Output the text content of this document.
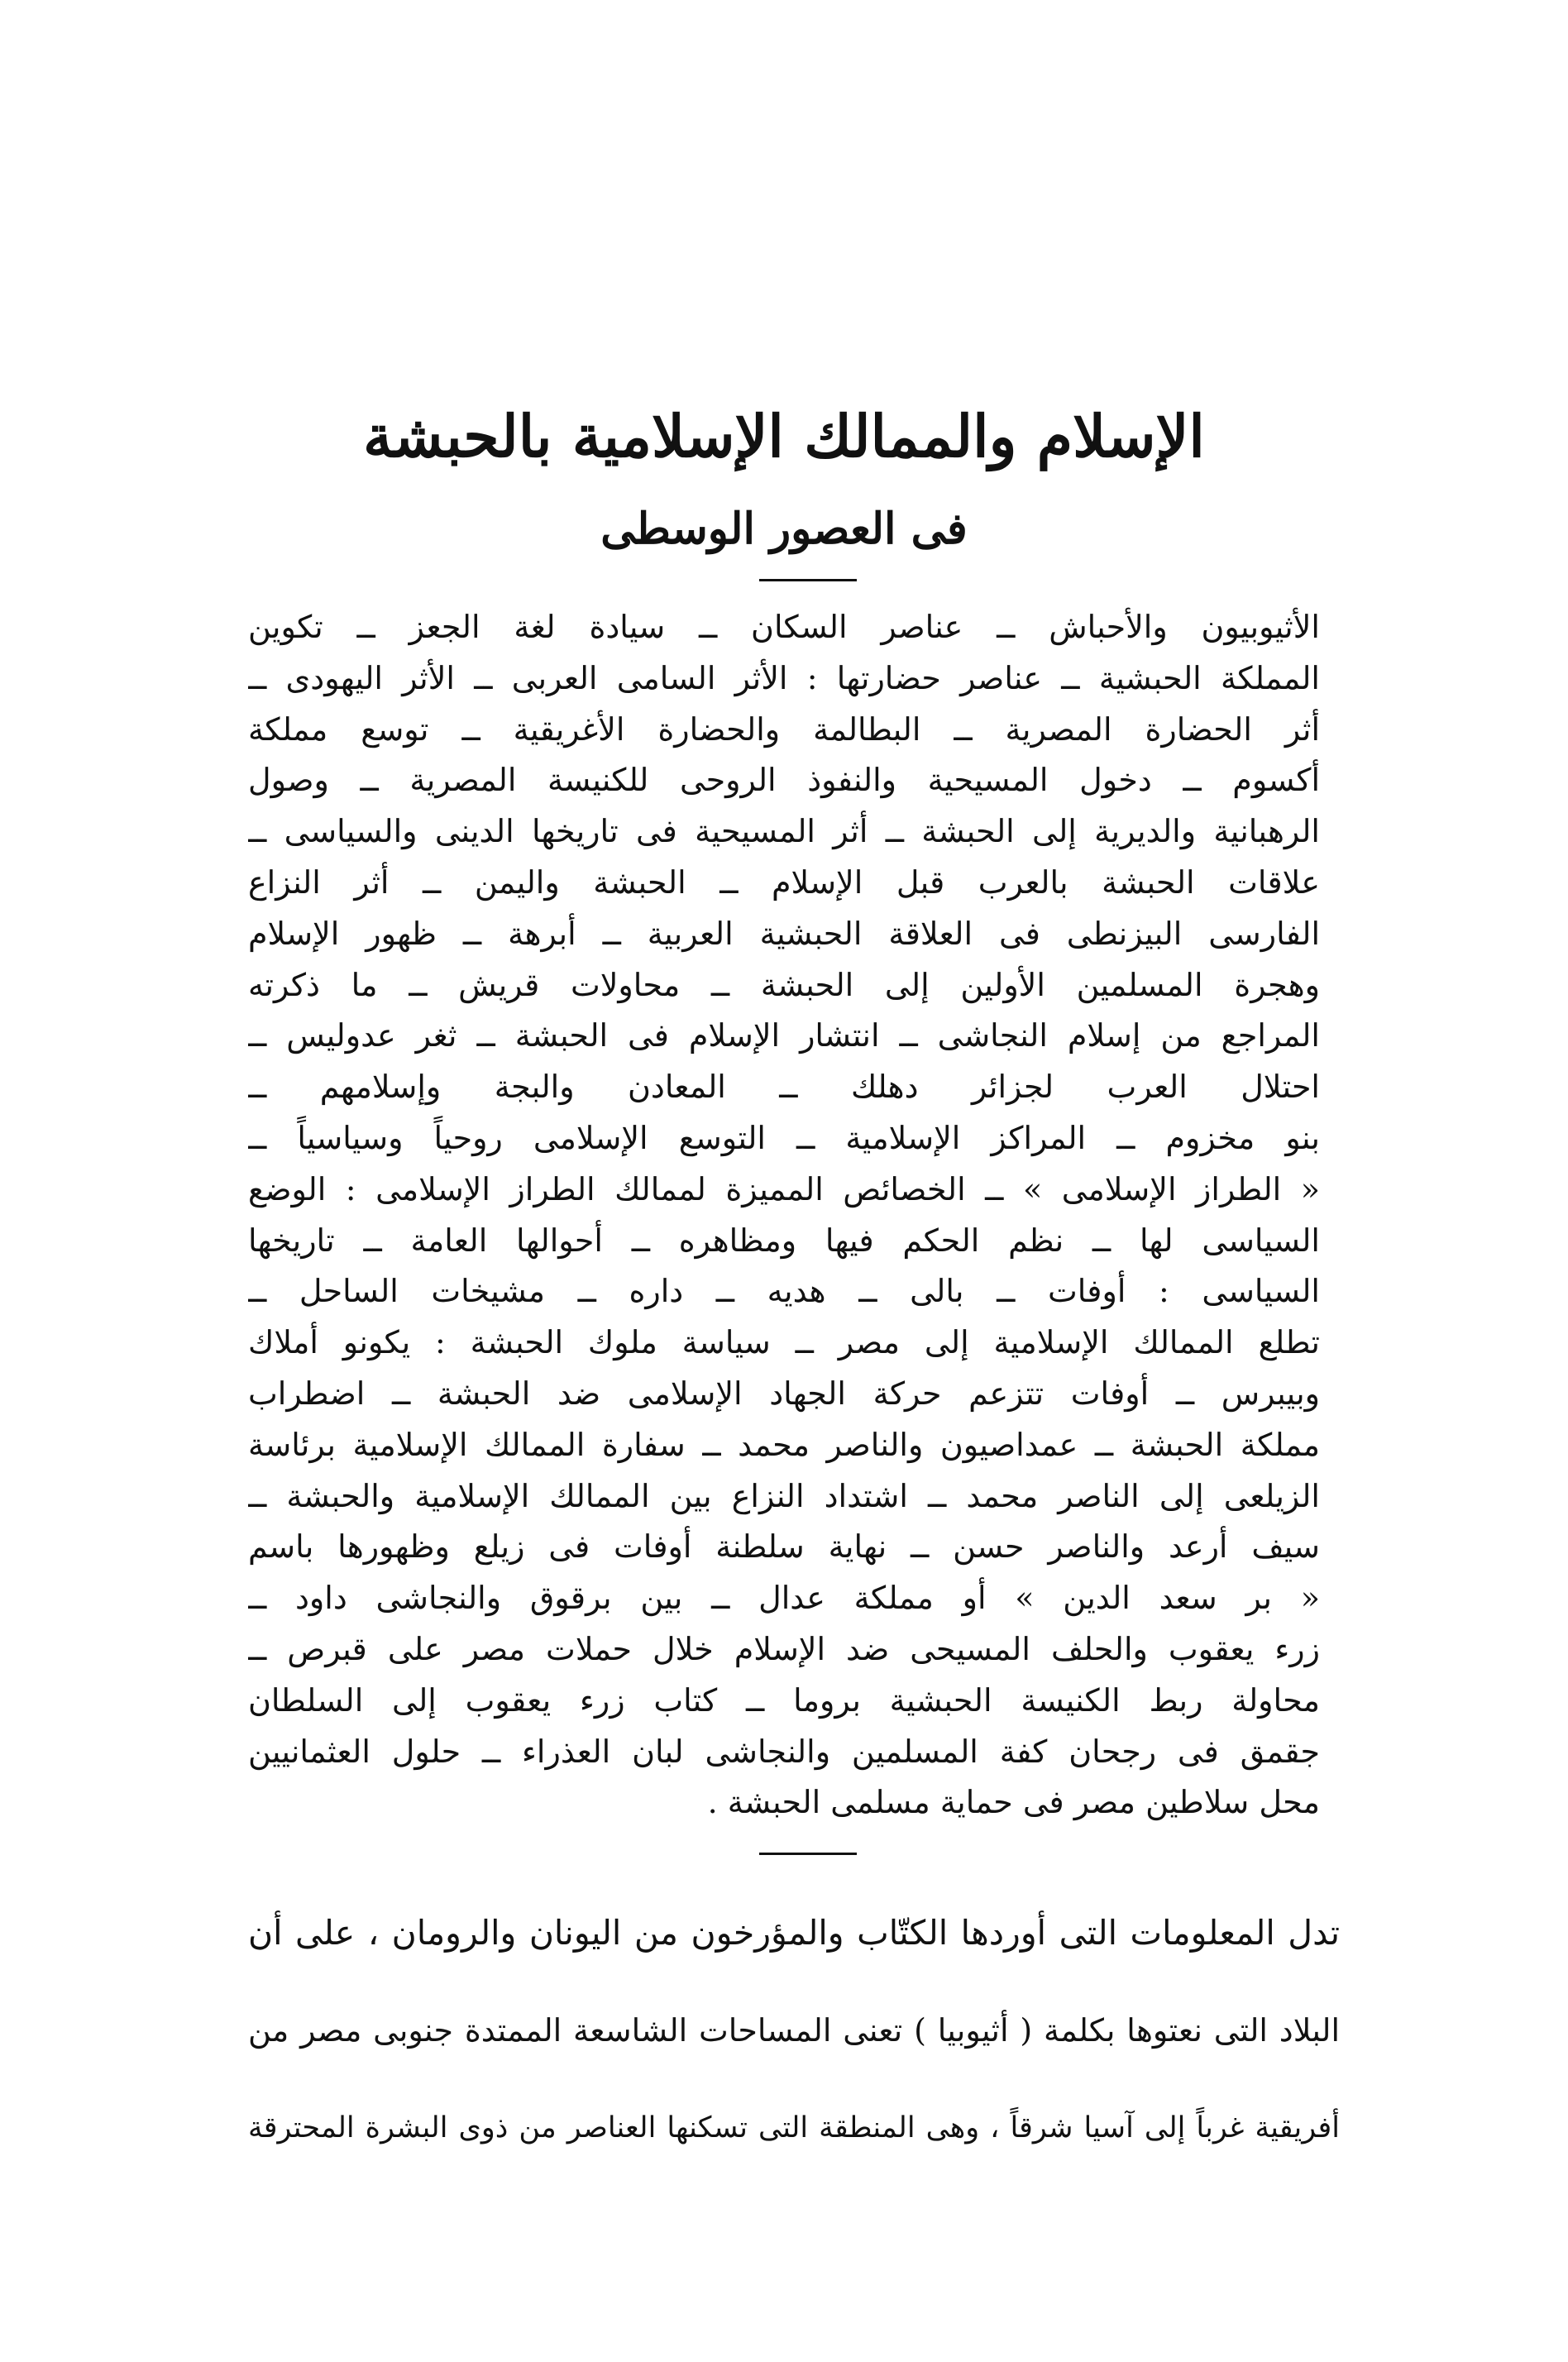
الإسلام والممالك الإسلامية بالحبشة
فى العصور الوسطى
الأثيوبيون والأحباش ــ عناصر السكان ــ سيادة لغة الجعز ــ تكوين
المملكة الحبشية ــ عناصر حضارتها : الأثر السامى العربى ــ الأثر اليهودى ــ
أثر الحضارة المصرية ــ البطالمة والحضارة الأغريقية ــ توسع مملكة
أكسوم ــ دخول المسيحية والنفوذ الروحى للكنيسة المصرية ــ وصول
الرهبانية والديرية إلى الحبشة ــ أثر المسيحية فى تاريخها الدينى والسياسى ــ
علاقات الحبشة بالعرب قبل الإسلام ــ الحبشة واليمن ــ أثر النزاع
الفارسى البيزنطى فى العلاقة الحبشية العربية ــ أبرهة ــ ظهور الإسلام
وهجرة المسلمين الأولين إلى الحبشة ــ محاولات قريش ــ ما ذكرته
المراجع من إسلام النجاشى ــ انتشار الإسلام فى الحبشة ــ ثغر عدوليس ــ
احتلال العرب لجزائر دهلك ــ المعادن والبجة وإسلامهم ــ
بنو مخزوم ــ المراكز الإسلامية ــ التوسع الإسلامى روحياً وسياسياً ــ
« الطراز الإسلامى » ــ الخصائص المميزة لممالك الطراز الإسلامى : الوضع
السياسى لها ــ نظم الحكم فيها ومظاهره ــ أحوالها العامة ــ تاريخها
السياسى : أوفات ــ بالى ــ هديه ــ داره ــ مشيخات الساحل ــ
تطلع الممالك الإسلامية إلى مصر ــ سياسة ملوك الحبشة : يكونو أملاك
وبيبرس ــ أوفات تتزعم حركة الجهاد الإسلامى ضد الحبشة ــ اضطراب
مملكة الحبشة ــ عمداصيون والناصر محمد ــ سفارة الممالك الإسلامية برئاسة
الزيلعى إلى الناصر محمد ــ اشتداد النزاع بين الممالك الإسلامية والحبشة ــ
سيف أرعد والناصر حسن ــ نهاية سلطنة أوفات فى زيلع وظهورها باسم
« بر سعد الدين » أو مملكة عدال ــ بين برقوق والنجاشى داود ــ
زرء يعقوب والحلف المسيحى ضد الإسلام خلال حملات مصر على قبرص ــ
محاولة ربط الكنيسة الحبشية بروما ــ كتاب زرء يعقوب إلى السلطان
جقمق فى رجحان كفة المسلمين والنجاشى لبان العذراء ــ حلول العثمانيين
محل سلاطين مصر فى حماية مسلمى الحبشة .
تدل المعلومات التى أوردها الكتّاب والمؤرخون من اليونان والرومان ، على أن
البلاد التى نعتوها بكلمة ( أثيوبيا ) تعنى المساحات الشاسعة الممتدة جنوبى مصر من
أفريقية غرباً إلى آسيا شرقاً ، وهى المنطقة التى تسكنها العناصر من ذوى البشرة المحترقة
